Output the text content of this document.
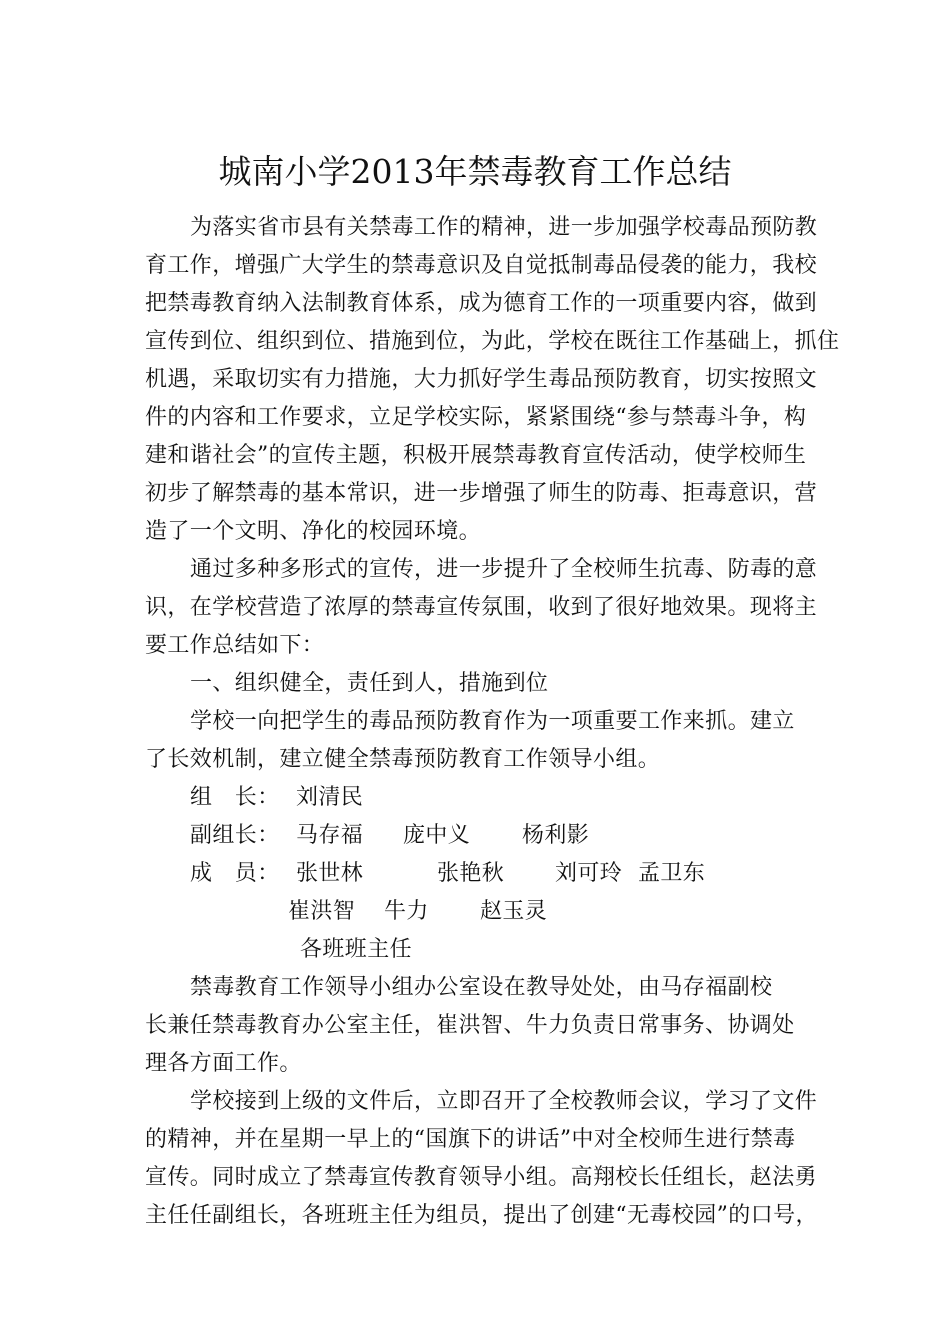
城南小学2013年禁毒教育工作总结
为落实省市县有关禁毒工作的精神，进一步加强学校毒品预防教
育工作，增强广大学生的禁毒意识及自觉抵制毒品侵袭的能力，我校
把禁毒教育纳入法制教育体系，成为德育工作的一项重要内容，做到
宣传到位、组织到位、措施到位，为此，学校在既往工作基础上，抓住
机遇，采取切实有力措施，大力抓好学生毒品预防教育，切实按照文
件的内容和工作要求，立足学校实际，紧紧围绕“参与禁毒斗争，构
建和谐社会”的宣传主题，积极开展禁毒教育宣传活动，使学校师生
初步了解禁毒的基本常识，进一步增强了师生的防毒、拒毒意识，营
造了一个文明、净化的校园环境。
通过多种多形式的宣传，进一步提升了全校师生抗毒、防毒的意
识，在学校营造了浓厚的禁毒宣传氛围，收到了很好地效果。现将主
要工作总结如下：
一、组织健全，责任到人，措施到位
学校一向把学生的毒品预防教育作为一项重要工作来抓。建立
了长效机制，建立健全禁毒预防教育工作领导小组。
组　长： 刘清民
副组长： 马存福 庞中义 杨利影
成　员： 张世林	张艳秋 刘可玲 孟卫东
崔洪智 牛力 赵玉灵
各班班主任
禁毒教育工作领导小组办公室设在教导处处，由马存福副校
长兼任禁毒教育办公室主任，崔洪智、牛力负责日常事务、协调处
理各方面工作。
学校接到上级的文件后，立即召开了全校教师会议，学习了文件
的精神，并在星期一早上的“国旗下的讲话”中对全校师生进行禁毒
宣传。同时成立了禁毒宣传教育领导小组。高翔校长任组长，赵法勇
主任任副组长，各班班主任为组员，提出了创建“无毒校园”的口号，
